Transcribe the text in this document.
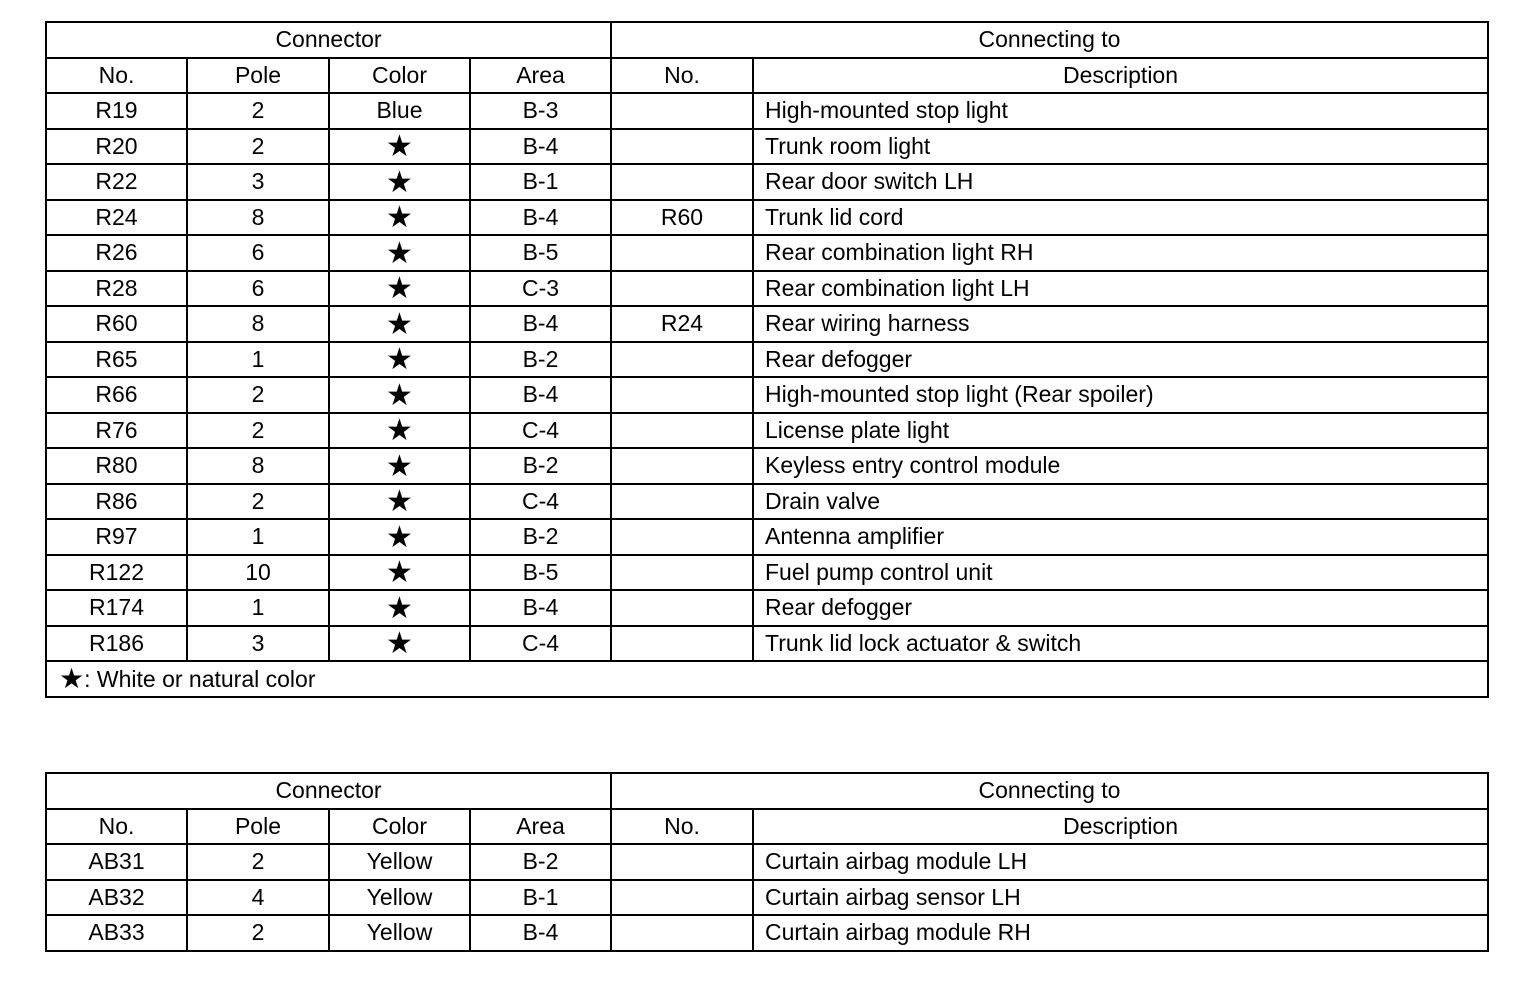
Connector				Connecting to	
No.	Pole	Color	Area	No.	Description
R19	2	Blue	B-3		High-mounted stop light
R20	2	★	B-4		Trunk room light
R22	3	★	B-1		Rear door switch LH
R24	8	★	B-4	R60	Trunk lid cord
R26	6	★	B-5		Rear combination light RH
R28	6	★	C-3		Rear combination light LH
R60	8	★	B-4	R24	Rear wiring harness
R65	1	★	B-2		Rear defogger
R66	2	★	B-4		High-mounted stop light (Rear spoiler)
R76	2	★	C-4		License plate light
R80	8	★	B-2		Keyless entry control module
R86	2	★	C-4		Drain valve
R97	1	★	B-2		Antenna amplifier
R122	10	★	B-5		Fuel pump control unit
R174	1	★	B-4		Rear defogger
R186	3	★	C-4		Trunk lid lock actuator & switch
★: White or natural color					
Connector				Connecting to	
No.	Pole	Color	Area	No.	Description
AB31	2	Yellow	B-2		Curtain airbag module LH
AB32	4	Yellow	B-1		Curtain airbag sensor LH
AB33	2	Yellow	B-4		Curtain airbag module RH
